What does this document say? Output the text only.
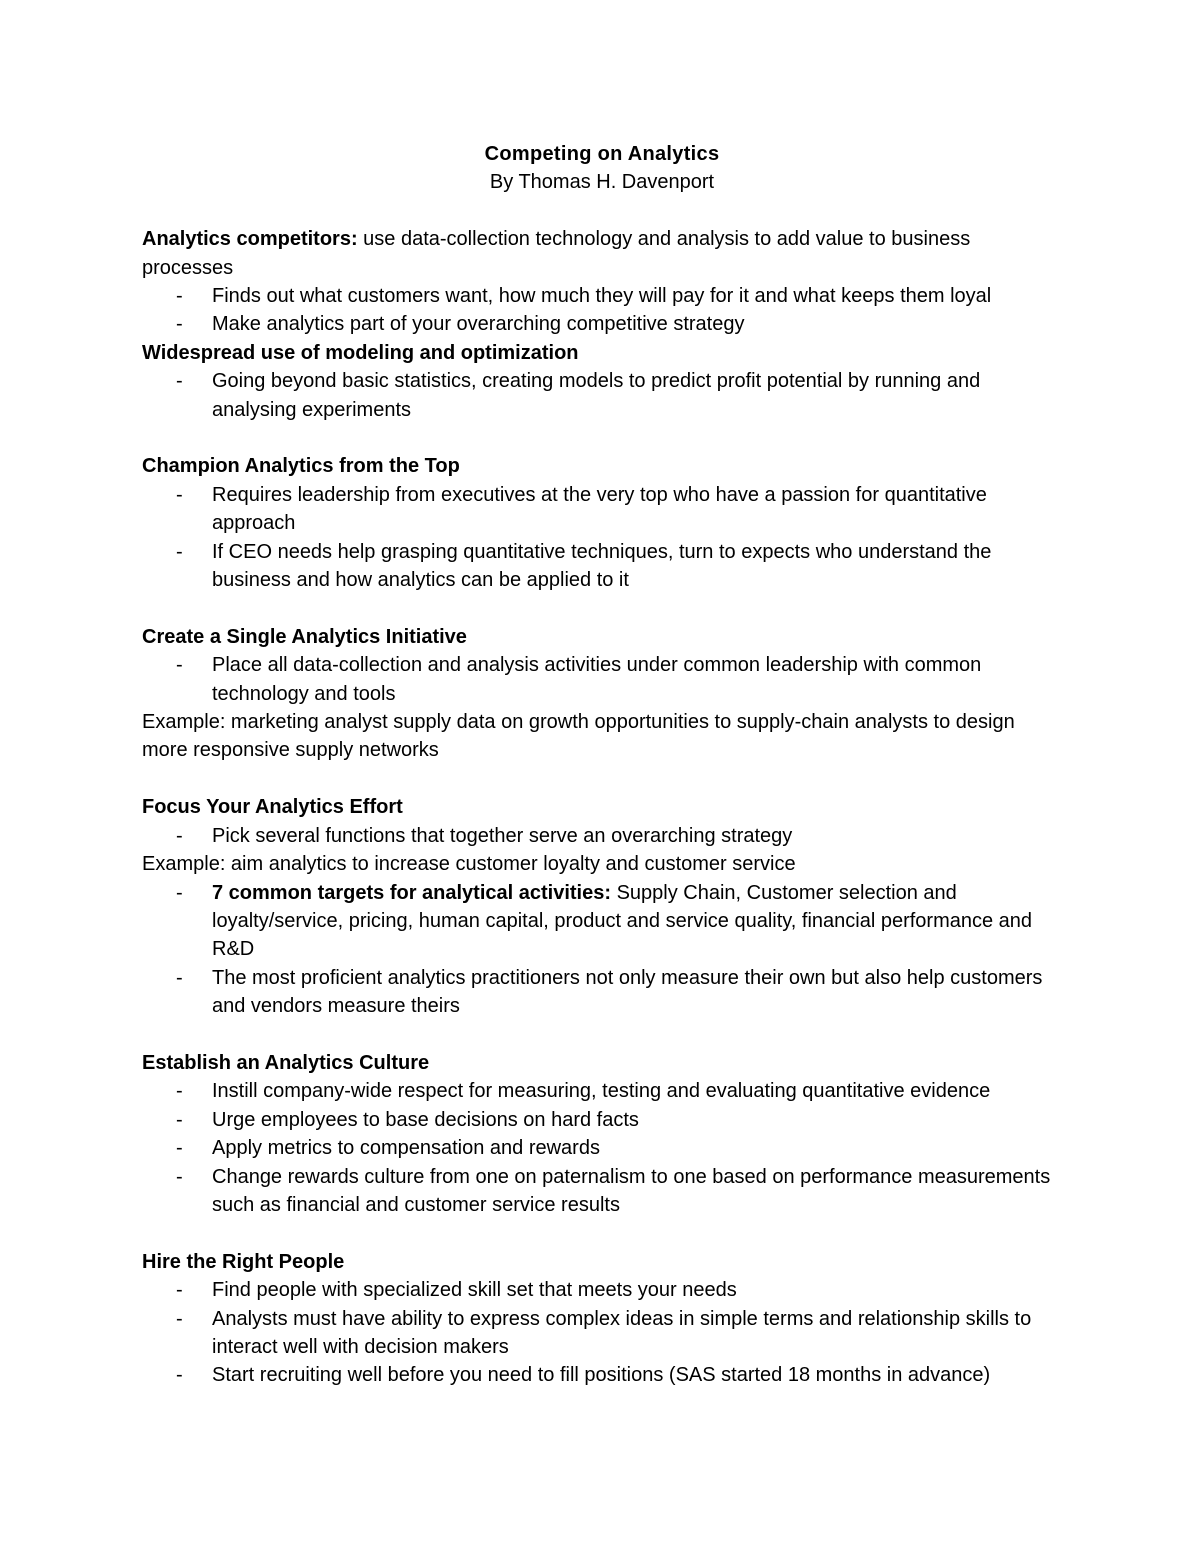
Competing on Analytics

By Thomas H. Davenport

Analytics competitors: use data-collection technology and analysis to add value to business processes

- Finds out what customers want, how much they will pay for it and what keeps them loyal
- Make analytics part of your overarching competitive strategy

Widespread use of modeling and optimization

- Going beyond basic statistics, creating models to predict profit potential by running and analysing experiments

Champion Analytics from the Top

- Requires leadership from executives at the very top who have a passion for quantitative approach
- If CEO needs help grasping quantitative techniques, turn to expects who understand the business and how analytics can be applied to it

Create a Single Analytics Initiative

- Place all data-collection and analysis activities under common leadership with common technology and tools

Example: marketing analyst supply data on growth opportunities to supply-chain analysts to design more responsive supply networks

Focus Your Analytics Effort

- Pick several functions that together serve an overarching strategy

Example: aim analytics to increase customer loyalty and customer service

- 7 common targets for analytical activities: Supply Chain, Customer selection and loyalty/service, pricing, human capital, product and service quality, financial performance and R&D
- The most proficient analytics practitioners not only measure their own but also help customers and vendors measure theirs

Establish an Analytics Culture

- Instill company-wide respect for measuring, testing and evaluating quantitative evidence
- Urge employees to base decisions on hard facts
- Apply metrics to compensation and rewards
- Change rewards culture from one on paternalism to one based on performance measurements such as financial and customer service results

Hire the Right People

- Find people with specialized skill set that meets your needs
- Analysts must have ability to express complex ideas in simple terms and relationship skills to interact well with decision makers
- Start recruiting well before you need to fill positions (SAS started 18 months in advance)
